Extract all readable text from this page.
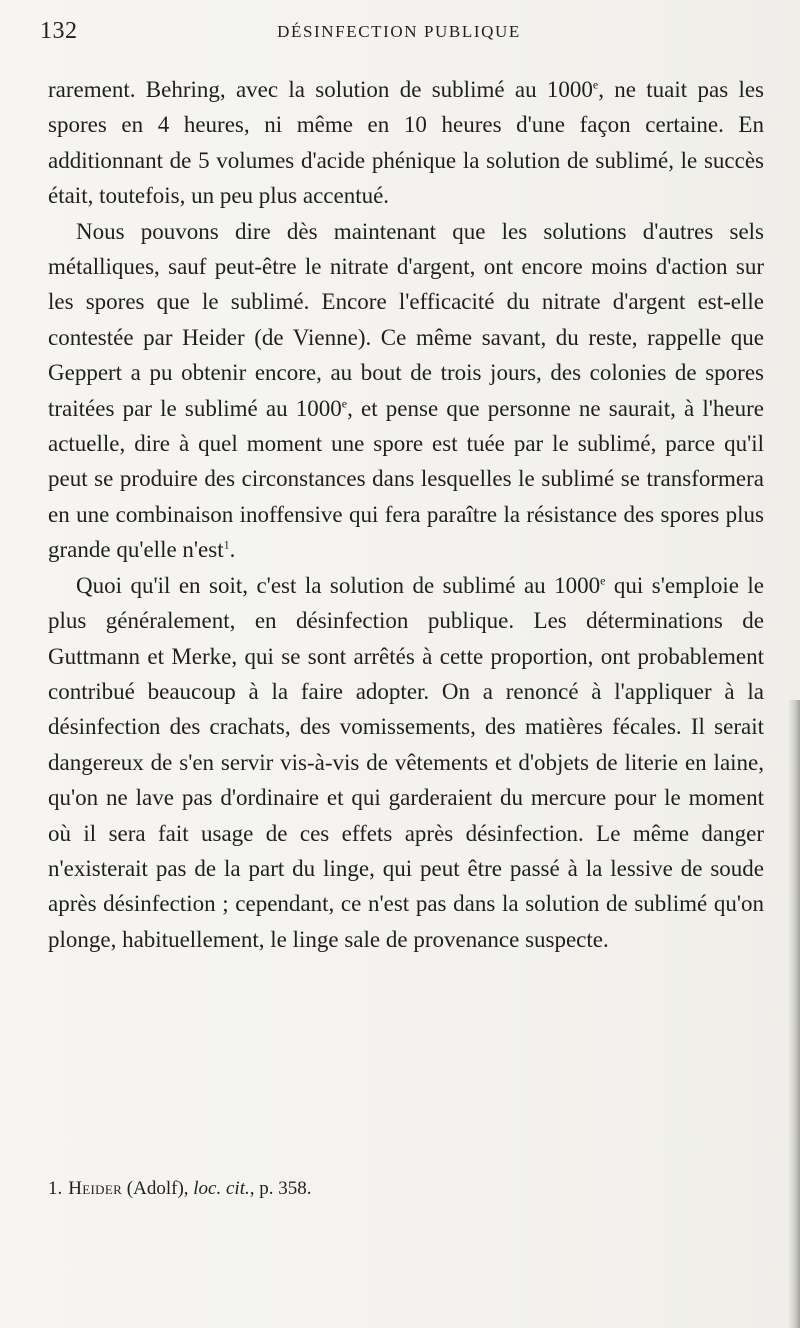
132	DÉSINFECTION PUBLIQUE

rarement. Behring, avec la solution de sublimé au 1000e, ne tuait pas les spores en 4 heures, ni même en 10 heures d'une façon certaine. En additionnant de 5 volumes d'acide phénique la solution de sublimé, le succès était, toutefois, un peu plus accentué.

Nous pouvons dire dès maintenant que les solutions d'autres sels métalliques, sauf peut-être le nitrate d'argent, ont encore moins d'action sur les spores que le sublimé. Encore l'efficacité du nitrate d'argent est-elle contestée par Heider (de Vienne). Ce même savant, du reste, rappelle que Geppert a pu obtenir encore, au bout de trois jours, des colonies de spores traitées par le sublimé au 1000e, et pense que personne ne saurait, à l'heure actuelle, dire à quel moment une spore est tuée par le sublimé, parce qu'il peut se produire des circonstances dans lesquelles le sublimé se transformera en une combinaison inoffensive qui fera paraître la résistance des spores plus grande qu'elle n'est$^1$.

Quoi qu'il en soit, c'est la solution de sublimé au 1000e qui s'emploie le plus généralement, en désinfection publique. Les déterminations de Guttmann et Merke, qui se sont arrêtés à cette proportion, ont probablement contribué beaucoup à la faire adopter. On a renoncé à l'appliquer à la désinfection des crachats, des vomissements, des matières fécales. Il serait dangereux de s'en servir vis-à-vis de vêtements et d'objets de literie en laine, qu'on ne lave pas d'ordinaire et qui garderaient du mercure pour le moment où il sera fait usage de ces effets après désinfection. Le même danger n'existerait pas de la part du linge, qui peut être passé à la lessive de soude après désinfection ; cependant, ce n'est pas dans la solution de sublimé qu'on plonge, habituellement, le linge sale de provenance suspecte.

1. Heider (Adolf), loc. cit., p. 358.
